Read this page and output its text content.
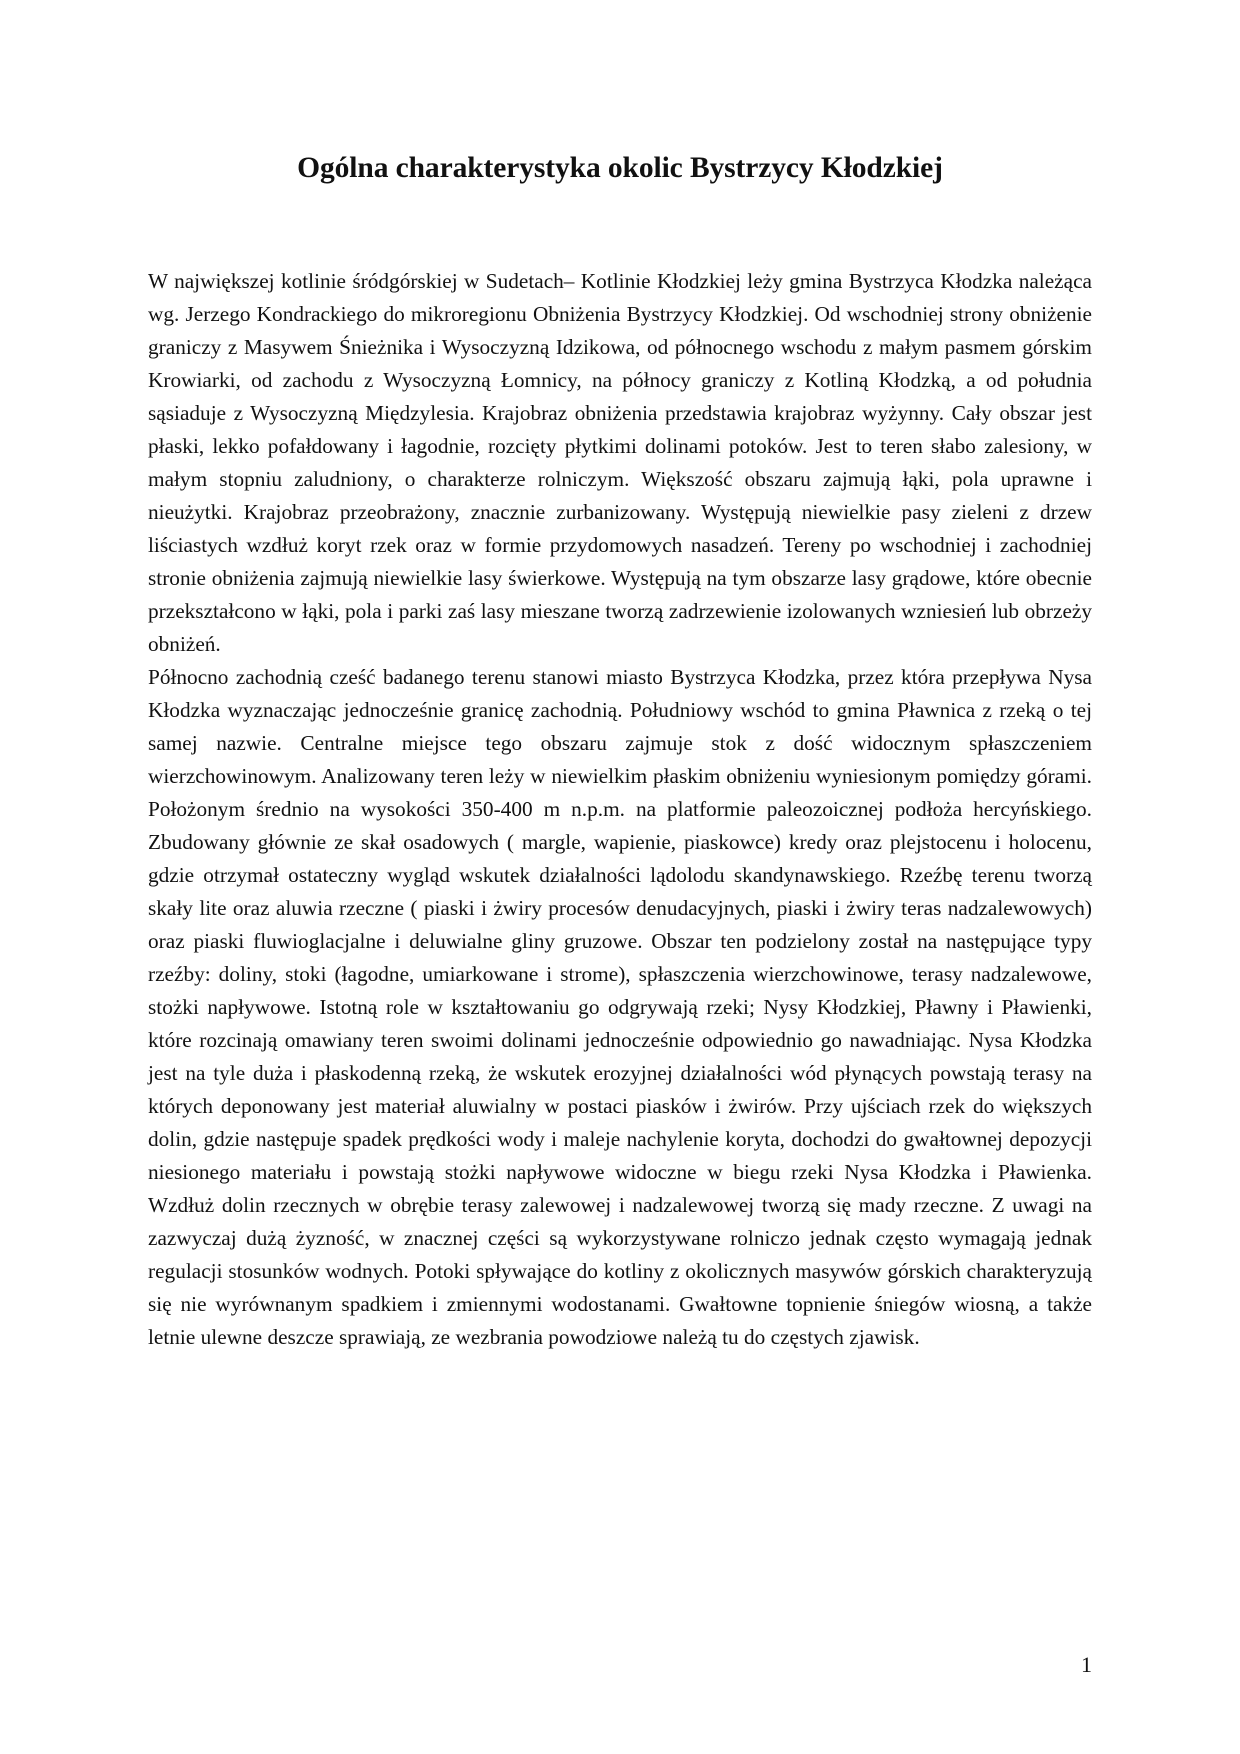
Ogólna charakterystyka okolic Bystrzycy Kłodzkiej

W największej kotlinie śródgórskiej w Sudetach– Kotlinie Kłodzkiej leży gmina Bystrzyca Kłodzka należąca wg. Jerzego Kondrackiego do mikroregionu Obniżenia Bystrzycy Kłodzkiej. Od wschodniej strony obniżenie graniczy z Masywem Śnieżnika i Wysoczyzną Idzikowa, od północnego wschodu z małym pasmem górskim Krowiarki, od zachodu z Wysoczyzną Łomnicy, na północy graniczy z Kotliną Kłodzką, a od południa sąsiaduje z Wysoczyzną Międzylesia. Krajobraz obniżenia przedstawia krajobraz wyżynny. Cały obszar jest płaski, lekko pofałdowany i łagodnie, rozcięty płytkimi dolinami potoków. Jest to teren słabo zalesiony, w małym stopniu zaludniony, o charakterze rolniczym. Większość obszaru zajmują łąki, pola uprawne i nieużytki. Krajobraz przeobrażony, znacznie zurbanizowany. Występują niewielkie pasy zieleni z drzew liściastych wzdłuż koryt rzek oraz w formie przydomowych nasadzeń. Tereny po wschodniej i zachodniej stronie obniżenia zajmują niewielkie lasy świerkowe. Występują na tym obszarze lasy grądowe, które obecnie przekształcono w łąki, pola i parki zaś lasy mieszane tworzą zadrzewienie izolowanych wzniesień lub obrzeży obniżeń.

Północno zachodnią cześć badanego terenu stanowi miasto Bystrzyca Kłodzka, przez która przepływa Nysa Kłodzka wyznaczając jednocześnie granicę zachodnią. Południowy wschód to gmina Pławnica z rzeką o tej samej nazwie. Centralne miejsce tego obszaru zajmuje stok z dość widocznym spłaszczeniem wierzchowinowym. Analizowany teren leży w niewielkim płaskim obniżeniu wyniesionym pomiędzy górami. Położonym średnio na wysokości 350-400 m n.p.m. na platformie paleozoicznej podłoża hercyńskiego. Zbudowany głównie ze skał osadowych ( margle, wapienie, piaskowce) kredy oraz plejstocenu i holocenu, gdzie otrzymał ostateczny wygląd wskutek działalności lądolodu skandynawskiego. Rzeźbę terenu tworzą skały lite oraz aluwia rzeczne ( piaski i żwiry procesów denudacyjnych, piaski i żwiry teras nadzalewowych) oraz piaski fluwioglacjalne i deluwialne gliny gruzowe. Obszar ten podzielony został na następujące typy rzeźby: doliny, stoki (łagodne, umiarkowane i strome), spłaszczenia wierzchowinowe, terasy nadzalewowe, stożki napływowe. Istotną role w kształtowaniu go odgrywają rzeki; Nysy Kłodzkiej, Pławny i Pławienki, które rozcinają omawiany teren swoimi dolinami jednocześnie odpowiednio go nawadniając. Nysa Kłodzka jest na tyle duża i płaskodenną rzeką, że wskutek erozyjnej działalności wód płynących powstają terasy na których deponowany jest materiał aluwialny w postaci piasków i żwirów. Przy ujściach rzek do większych dolin, gdzie następuje spadek prędkości wody i maleje nachylenie koryta, dochodzi do gwałtownej depozycji niesionego materiału i powstają stożki napływowe widoczne w biegu rzeki Nysa Kłodzka i Pławienka. Wzdłuż dolin rzecznych w obrębie terasy zalewowej i nadzalewowej tworzą się mady rzeczne. Z uwagi na zazwyczaj dużą żyzność, w znacznej części są wykorzystywane rolniczo jednak często wymagają jednak regulacji stosunków wodnych. Potoki spływające do kotliny z okolicznych masywów górskich charakteryzują się nie wyrównanym spadkiem i zmiennymi wodostanami. Gwałtowne topnienie śniegów wiosną, a także letnie ulewne deszcze sprawiają, ze wezbrania powodziowe należą tu do częstych zjawisk.

1
